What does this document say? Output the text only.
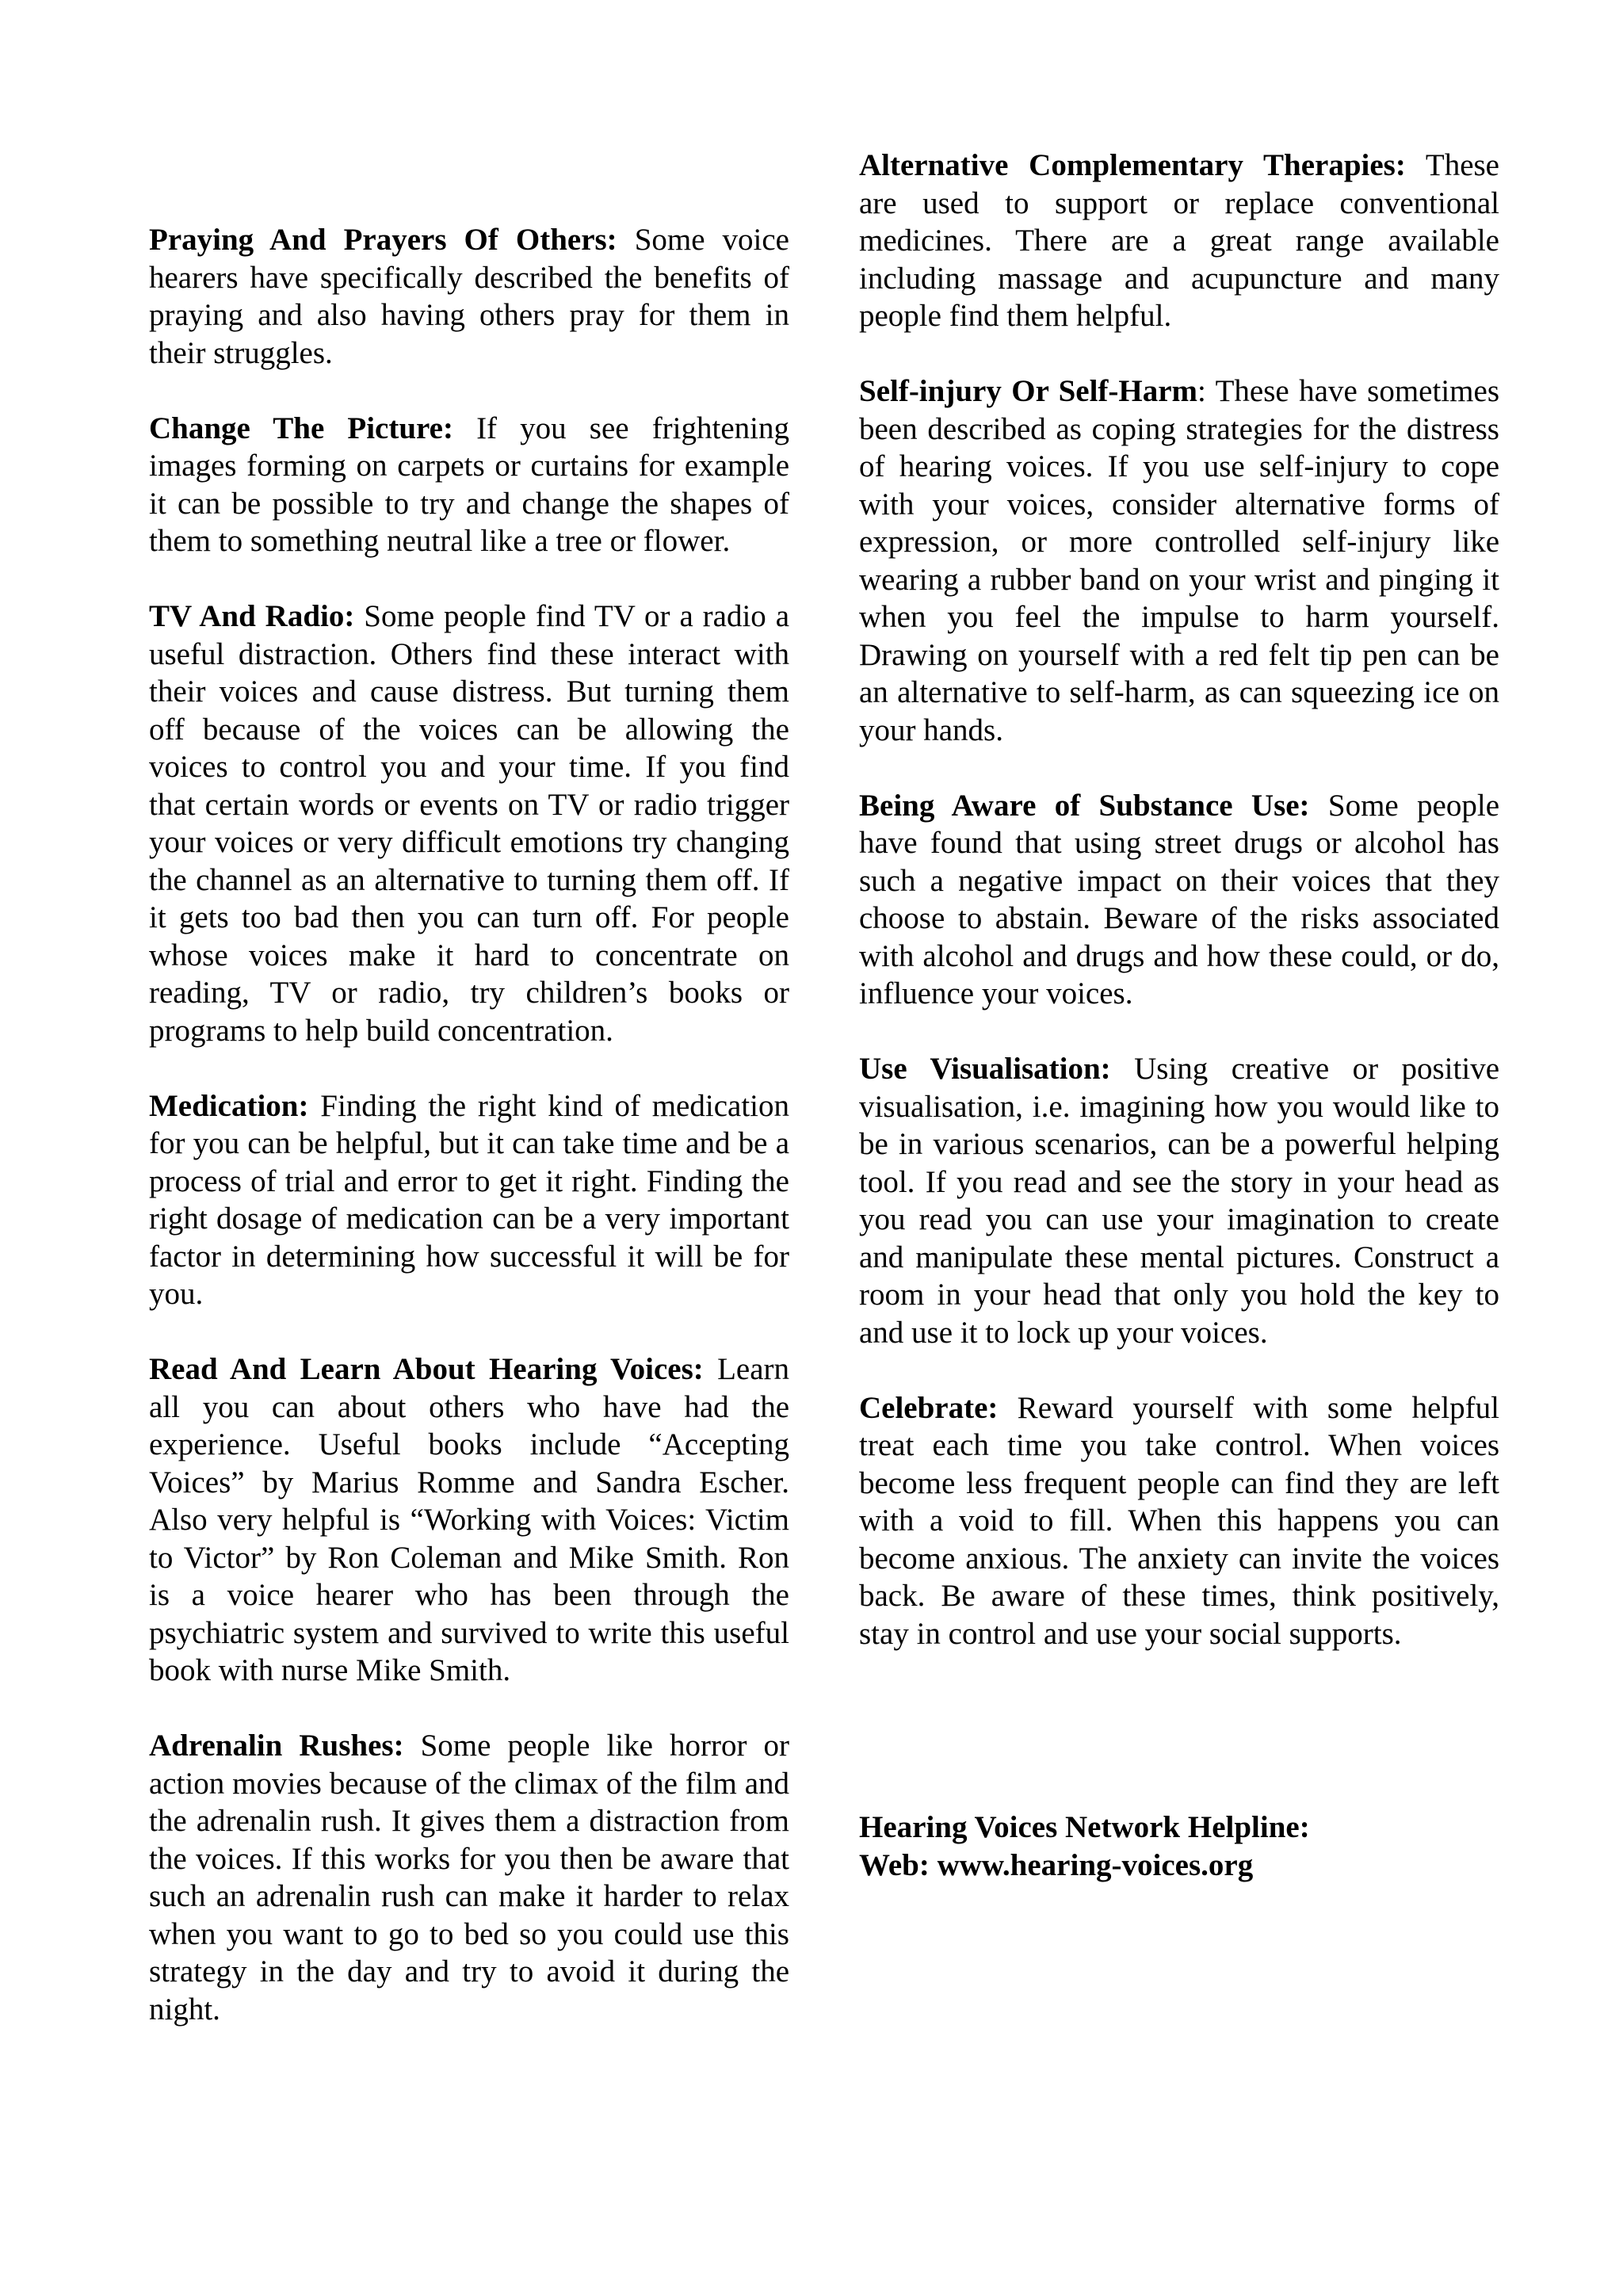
Praying And Prayers Of Others: Some voice hearers have specifically described the benefits of praying and also having others pray for them in their struggles.

Change The Picture: If you see frightening images forming on carpets or curtains for example it can be possible to try and change the shapes of them to something neutral like a tree or flower.

TV And Radio: Some people find TV or a radio a useful distraction. Others find these interact with their voices and cause distress. But turning them off because of the voices can be allowing the voices to control you and your time. If you find that certain words or events on TV or radio trigger your voices or very difficult emotions try changing the channel as an alternative to turning them off. If it gets too bad then you can turn off. For people whose voices make it hard to concentrate on reading, TV or radio, try children’s books or programs to help build concentration.

Medication: Finding the right kind of medication for you can be helpful, but it can take time and be a process of trial and error to get it right. Finding the right dosage of medication can be a very important factor in determining how successful it will be for you.

Read And Learn About Hearing Voices: Learn all you can about others who have had the experience. Useful books include “Accepting Voices” by Marius Romme and Sandra Escher. Also very helpful is “Working with Voices: Victim to Victor” by Ron Coleman and Mike Smith. Ron is a voice hearer who has been through the psychiatric system and survived to write this useful book with nurse Mike Smith.

Adrenalin Rushes: Some people like horror or action movies because of the climax of the film and the adrenalin rush. It gives them a distraction from the voices. If this works for you then be aware that such an adrenalin rush can make it harder to relax when you want to go to bed so you could use this strategy in the day and try to avoid it during the night.

Alternative Complementary Therapies: These are used to support or replace conventional medicines. There are a great range available including massage and acupuncture and many people find them helpful.

Self-injury Or Self-Harm: These have sometimes been described as coping strategies for the distress of hearing voices. If you use self-injury to cope with your voices, consider alternative forms of expression, or more controlled self-injury like wearing a rubber band on your wrist and pinging it when you feel the impulse to harm yourself. Drawing on yourself with a red felt tip pen can be an alternative to self-harm, as can squeezing ice on your hands.

Being Aware of Substance Use: Some people have found that using street drugs or alcohol has such a negative impact on their voices that they choose to abstain. Beware of the risks associated with alcohol and drugs and how these could, or do, influence your voices.

Use Visualisation: Using creative or positive visualisation, i.e. imagining how you would like to be in various scenarios, can be a powerful helping tool. If you read and see the story in your head as you read you can use your imagination to create and manipulate these mental pictures. Construct a room in your head that only you hold the key to and use it to lock up your voices.

Celebrate: Reward yourself with some helpful treat each time you take control. When voices become less frequent people can find they are left with a void to fill. When this happens you can become anxious. The anxiety can invite the voices back. Be aware of these times, think positively, stay in control and use your social supports.

Hearing Voices Network Helpline:
Web: www.hearing-voices.org
